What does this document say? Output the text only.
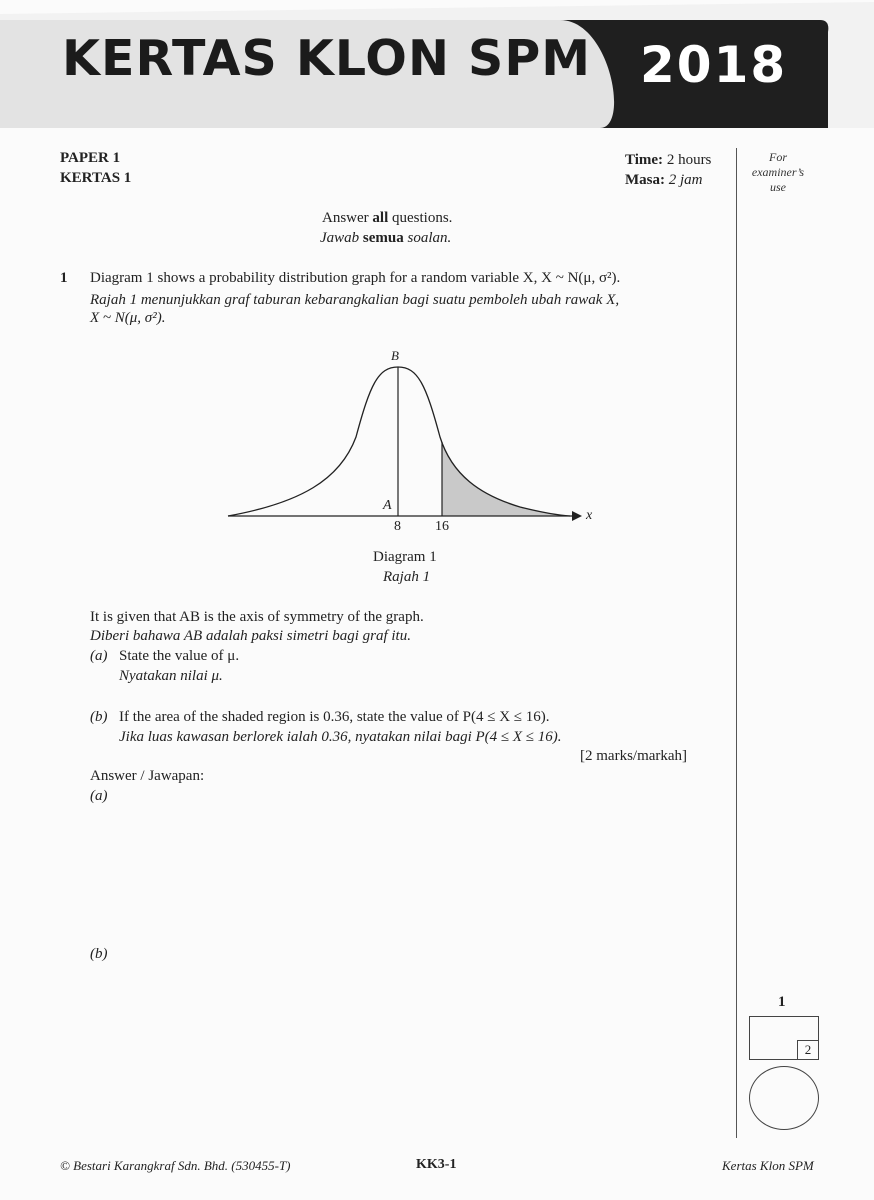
KERTAS KLON SPM 2018
PAPER 1
KERTAS 1
Time: 2 hours
Masa: 2 jam
For
examiner’s
use
Answer all questions.
Jawab semua soalan.
1 Diagram 1 shows a probability distribution graph for a random variable X, X ~ N(μ, σ²).
Rajah 1 menunjukkan graf taburan kebarangkalian bagi suatu pemboleh ubah rawak X,
X ~ N(μ, σ²).
B
A
8 16
x
Diagram 1
Rajah 1
It is given that AB is the axis of symmetry of the graph.
Diberi bahawa AB adalah paksi simetri bagi graf itu.
(a) State the value of μ.
Nyatakan nilai μ.
(b) If the area of the shaded region is 0.36, state the value of P(4 ≤ X ≤ 16).
Jika luas kawasan berlorek ialah 0.36, nyatakan nilai bagi P(4 ≤ X ≤ 16).
[2 marks/markah]
Answer / Jawapan:
(a)
(b)
1
2
© Bestari Karangkraf Sdn. Bhd. (530455-T)	KK3-1	Kertas Klon SPM
